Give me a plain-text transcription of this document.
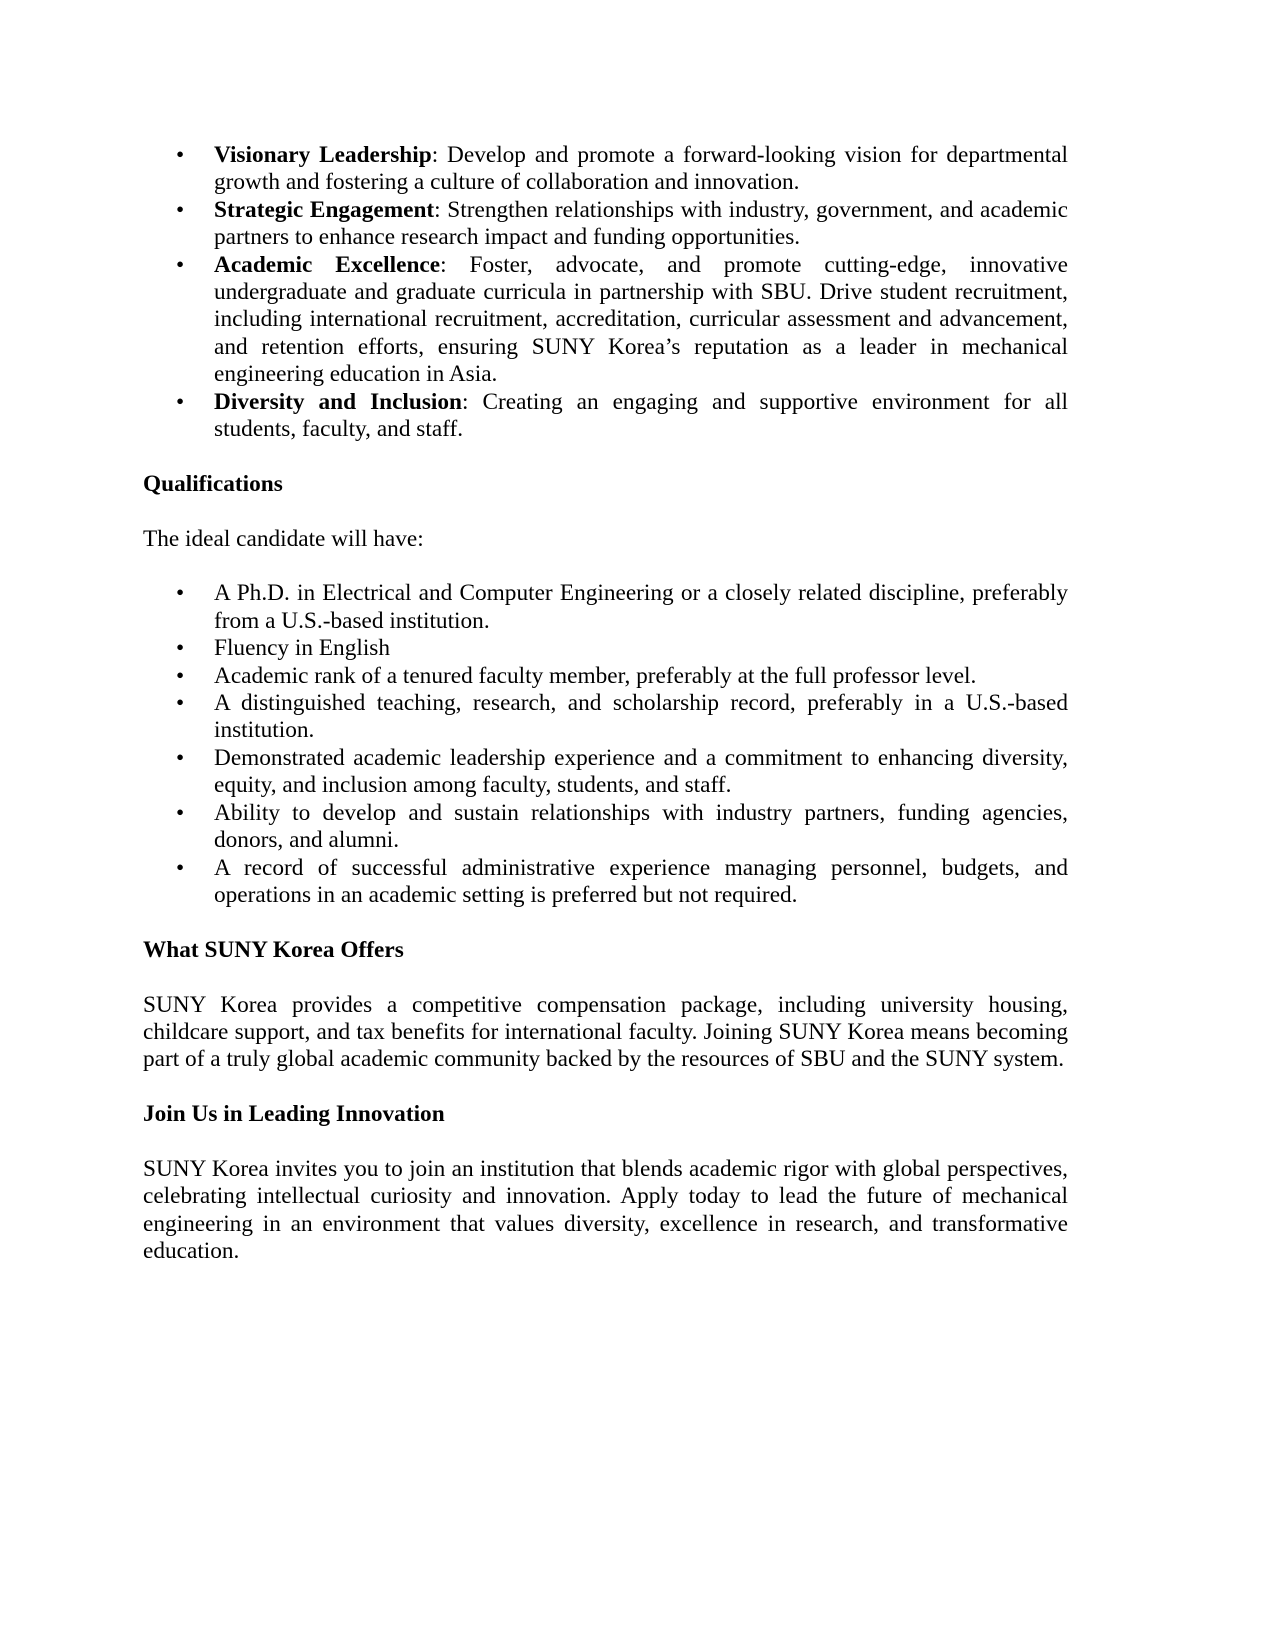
• Visionary Leadership: Develop and promote a forward-looking vision for departmental growth and fostering a culture of collaboration and innovation.
• Strategic Engagement: Strengthen relationships with industry, government, and academic partners to enhance research impact and funding opportunities.
• Academic Excellence: Foster, advocate, and promote cutting-edge, innovative undergraduate and graduate curricula in partnership with SBU. Drive student recruitment, including international recruitment, accreditation, curricular assessment and advancement, and retention efforts, ensuring SUNY Korea’s reputation as a leader in mechanical engineering education in Asia.
• Diversity and Inclusion: Creating an engaging and supportive environment for all students, faculty, and staff.
Qualifications

The ideal candidate will have:

• A Ph.D. in Electrical and Computer Engineering or a closely related discipline, preferably from a U.S.-based institution.
• Fluency in English
• Academic rank of a tenured faculty member, preferably at the full professor level.
• A distinguished teaching, research, and scholarship record, preferably in a U.S.-based institution.
• Demonstrated academic leadership experience and a commitment to enhancing diversity, equity, and inclusion among faculty, students, and staff.
• Ability to develop and sustain relationships with industry partners, funding agencies, donors, and alumni.
• A record of successful administrative experience managing personnel, budgets, and operations in an academic setting is preferred but not required.
What SUNY Korea Offers

SUNY Korea provides a competitive compensation package, including university housing, childcare support, and tax benefits for international faculty. Joining SUNY Korea means becoming part of a truly global academic community backed by the resources of SBU and the SUNY system.

Join Us in Leading Innovation

SUNY Korea invites you to join an institution that blends academic rigor with global perspectives, celebrating intellectual curiosity and innovation. Apply today to lead the future of mechanical engineering in an environment that values diversity, excellence in research, and transformative education.
